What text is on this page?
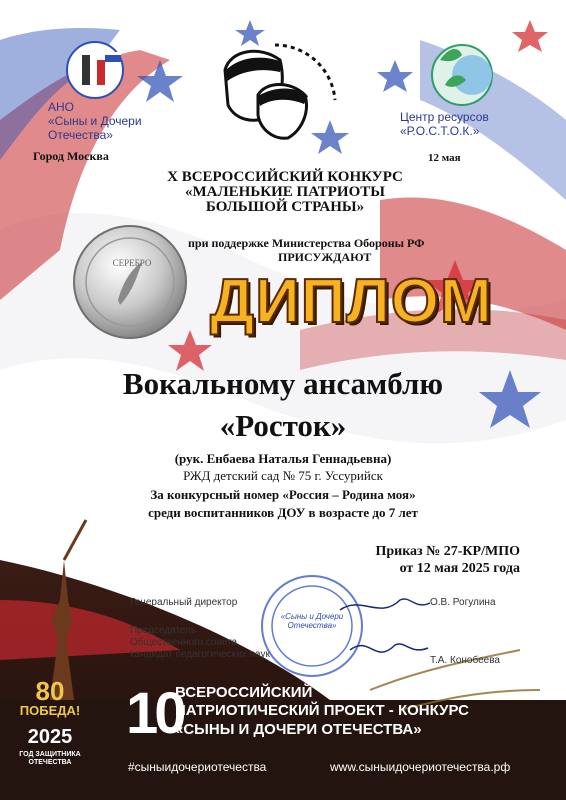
АНО
«Сыны и Дочери
Отечества»
Город Москва
Центр ресурсов
«Р.О.С.Т.О.К.»
12 мая
X ВСЕРОССИЙСКИЙ КОНКУРС
«МАЛЕНЬКИЕ ПАТРИОТЫ
БОЛЬШОЙ СТРАНЫ»
при поддержке Министерства Обороны РФ
ПРИСУЖДАЮТ
СЕРЕБРО
ДИПЛОМ
Вокальному ансамблю
«Росток»
(рук. Енбаева Наталья Геннадьевна)
РЖД детский сад № 75 г. Уссурийск
За конкурсный номер «Россия – Родина моя»
среди воспитанников ДОУ в возрасте до 7 лет
Приказ № 27-КР/МПО
от 12 мая 2025 года
Генеральный директор	О.В. Рогулина
Председатель
Общественного совета,
кандидат педагогических наук
Т.А. Конобеева
«Сыны и Дочери Отечества»
80
ПОБЕДА!
2025
ГОД ЗАЩИТНИКА ОТЕЧЕСТВА
10
ВСЕРОССИЙСКИЙ
ПАТРИОТИЧЕСКИЙ ПРОЕКТ - КОНКУРС
«СЫНЫ И ДОЧЕРИ ОТЕЧЕСТВА»
#сыныидочериотечества	www.сыныидочериотечества.рф
